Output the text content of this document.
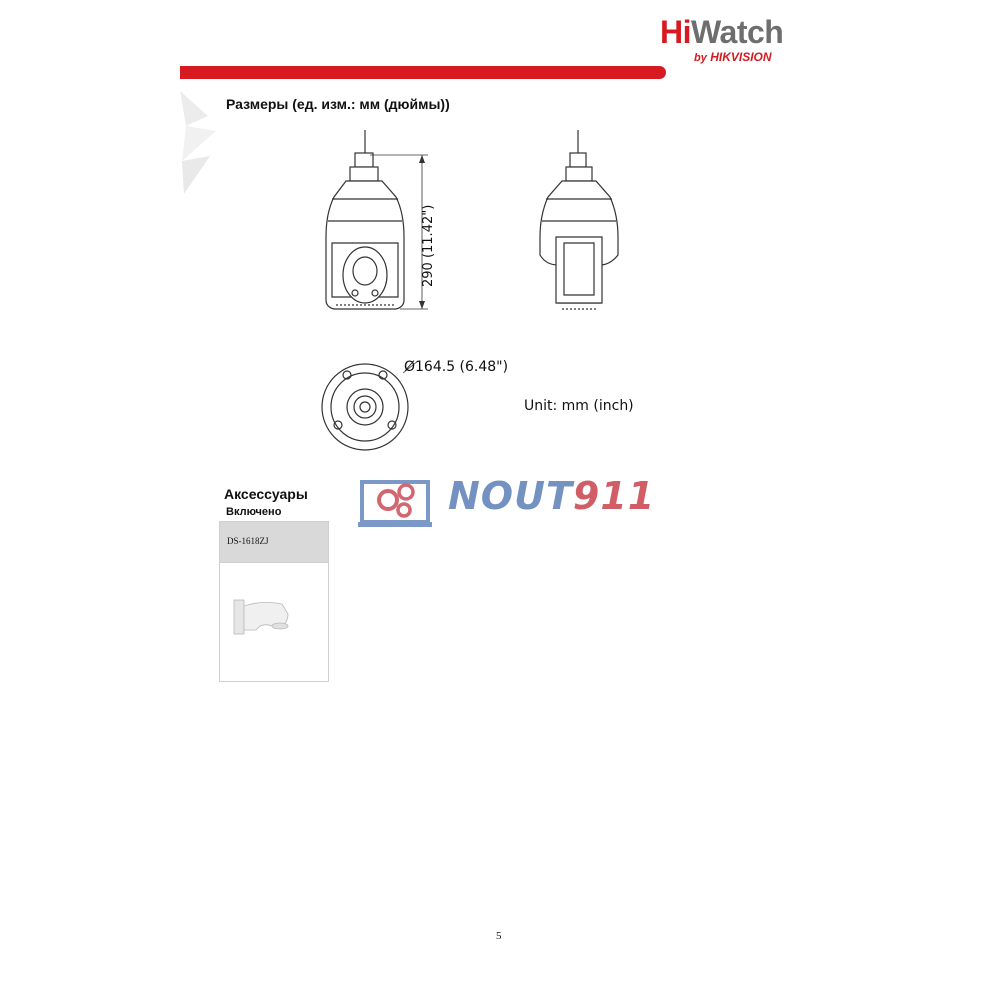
HiWatch
by HIKVISION
Размеры (ед. изм.: мм (дюймы))
290 (11.42")
Ø164.5 (6.48")
Unit: mm (inch)
Аксессуары
Включено
DS-1618ZJ
NOUT911
5
